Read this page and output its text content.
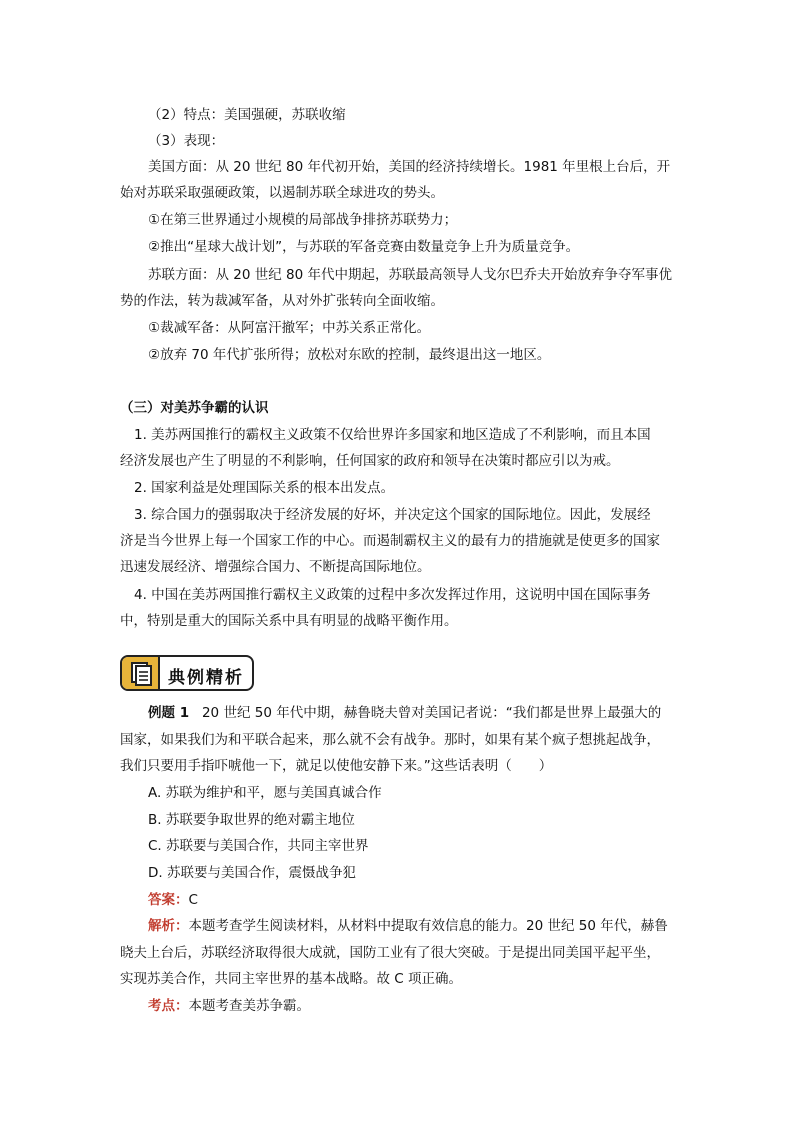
（2）特点：美国强硬，苏联收缩
（3）表现：
美国方面：从 20 世纪 80 年代初开始，美国的经济持续增长。1981 年里根上台后，开
始对苏联采取强硬政策，以遏制苏联全球进攻的势头。
①在第三世界通过小规模的局部战争排挤苏联势力；
②推出“星球大战计划”，与苏联的军备竞赛由数量竞争上升为质量竞争。
苏联方面：从 20 世纪 80 年代中期起，苏联最高领导人戈尔巴乔夫开始放弃争夺军事优
势的作法，转为裁减军备，从对外扩张转向全面收缩。
①裁减军备：从阿富汗撤军；中苏关系正常化。
②放弃 70 年代扩张所得；放松对东欧的控制，最终退出这一地区。
（三）对美苏争霸的认识
1. 美苏两国推行的霸权主义政策不仅给世界许多国家和地区造成了不利影响，而且本国
经济发展也产生了明显的不利影响，任何国家的政府和领导在决策时都应引以为戒。
2. 国家利益是处理国际关系的根本出发点。
3. 综合国力的强弱取决于经济发展的好坏，并决定这个国家的国际地位。因此，发展经
济是当今世界上每一个国家工作的中心。而遏制霸权主义的最有力的措施就是使更多的国家
迅速发展经济、增强综合国力、不断提高国际地位。
4. 中国在美苏两国推行霸权主义政策的过程中多次发挥过作用，这说明中国在国际事务
中，特别是重大的国际关系中具有明显的战略平衡作用。
典例精析
例题 1 20 世纪 50 年代中期，赫鲁晓夫曾对美国记者说：“我们都是世界上最强大的
国家，如果我们为和平联合起来，那么就不会有战争。那时，如果有某个疯子想挑起战争，
我们只要用手指吓唬他一下，就足以使他安静下来。”这些话表明（　　）
A. 苏联为维护和平，愿与美国真诚合作
B. 苏联要争取世界的绝对霸主地位
C. 苏联要与美国合作，共同主宰世界
D. 苏联要与美国合作，震慑战争犯
答案：C
解析：本题考查学生阅读材料，从材料中提取有效信息的能力。20 世纪 50 年代，赫鲁
晓夫上台后，苏联经济取得很大成就，国防工业有了很大突破。于是提出同美国平起平坐，
实现苏美合作，共同主宰世界的基本战略。故 C 项正确。
考点：本题考查美苏争霸。
